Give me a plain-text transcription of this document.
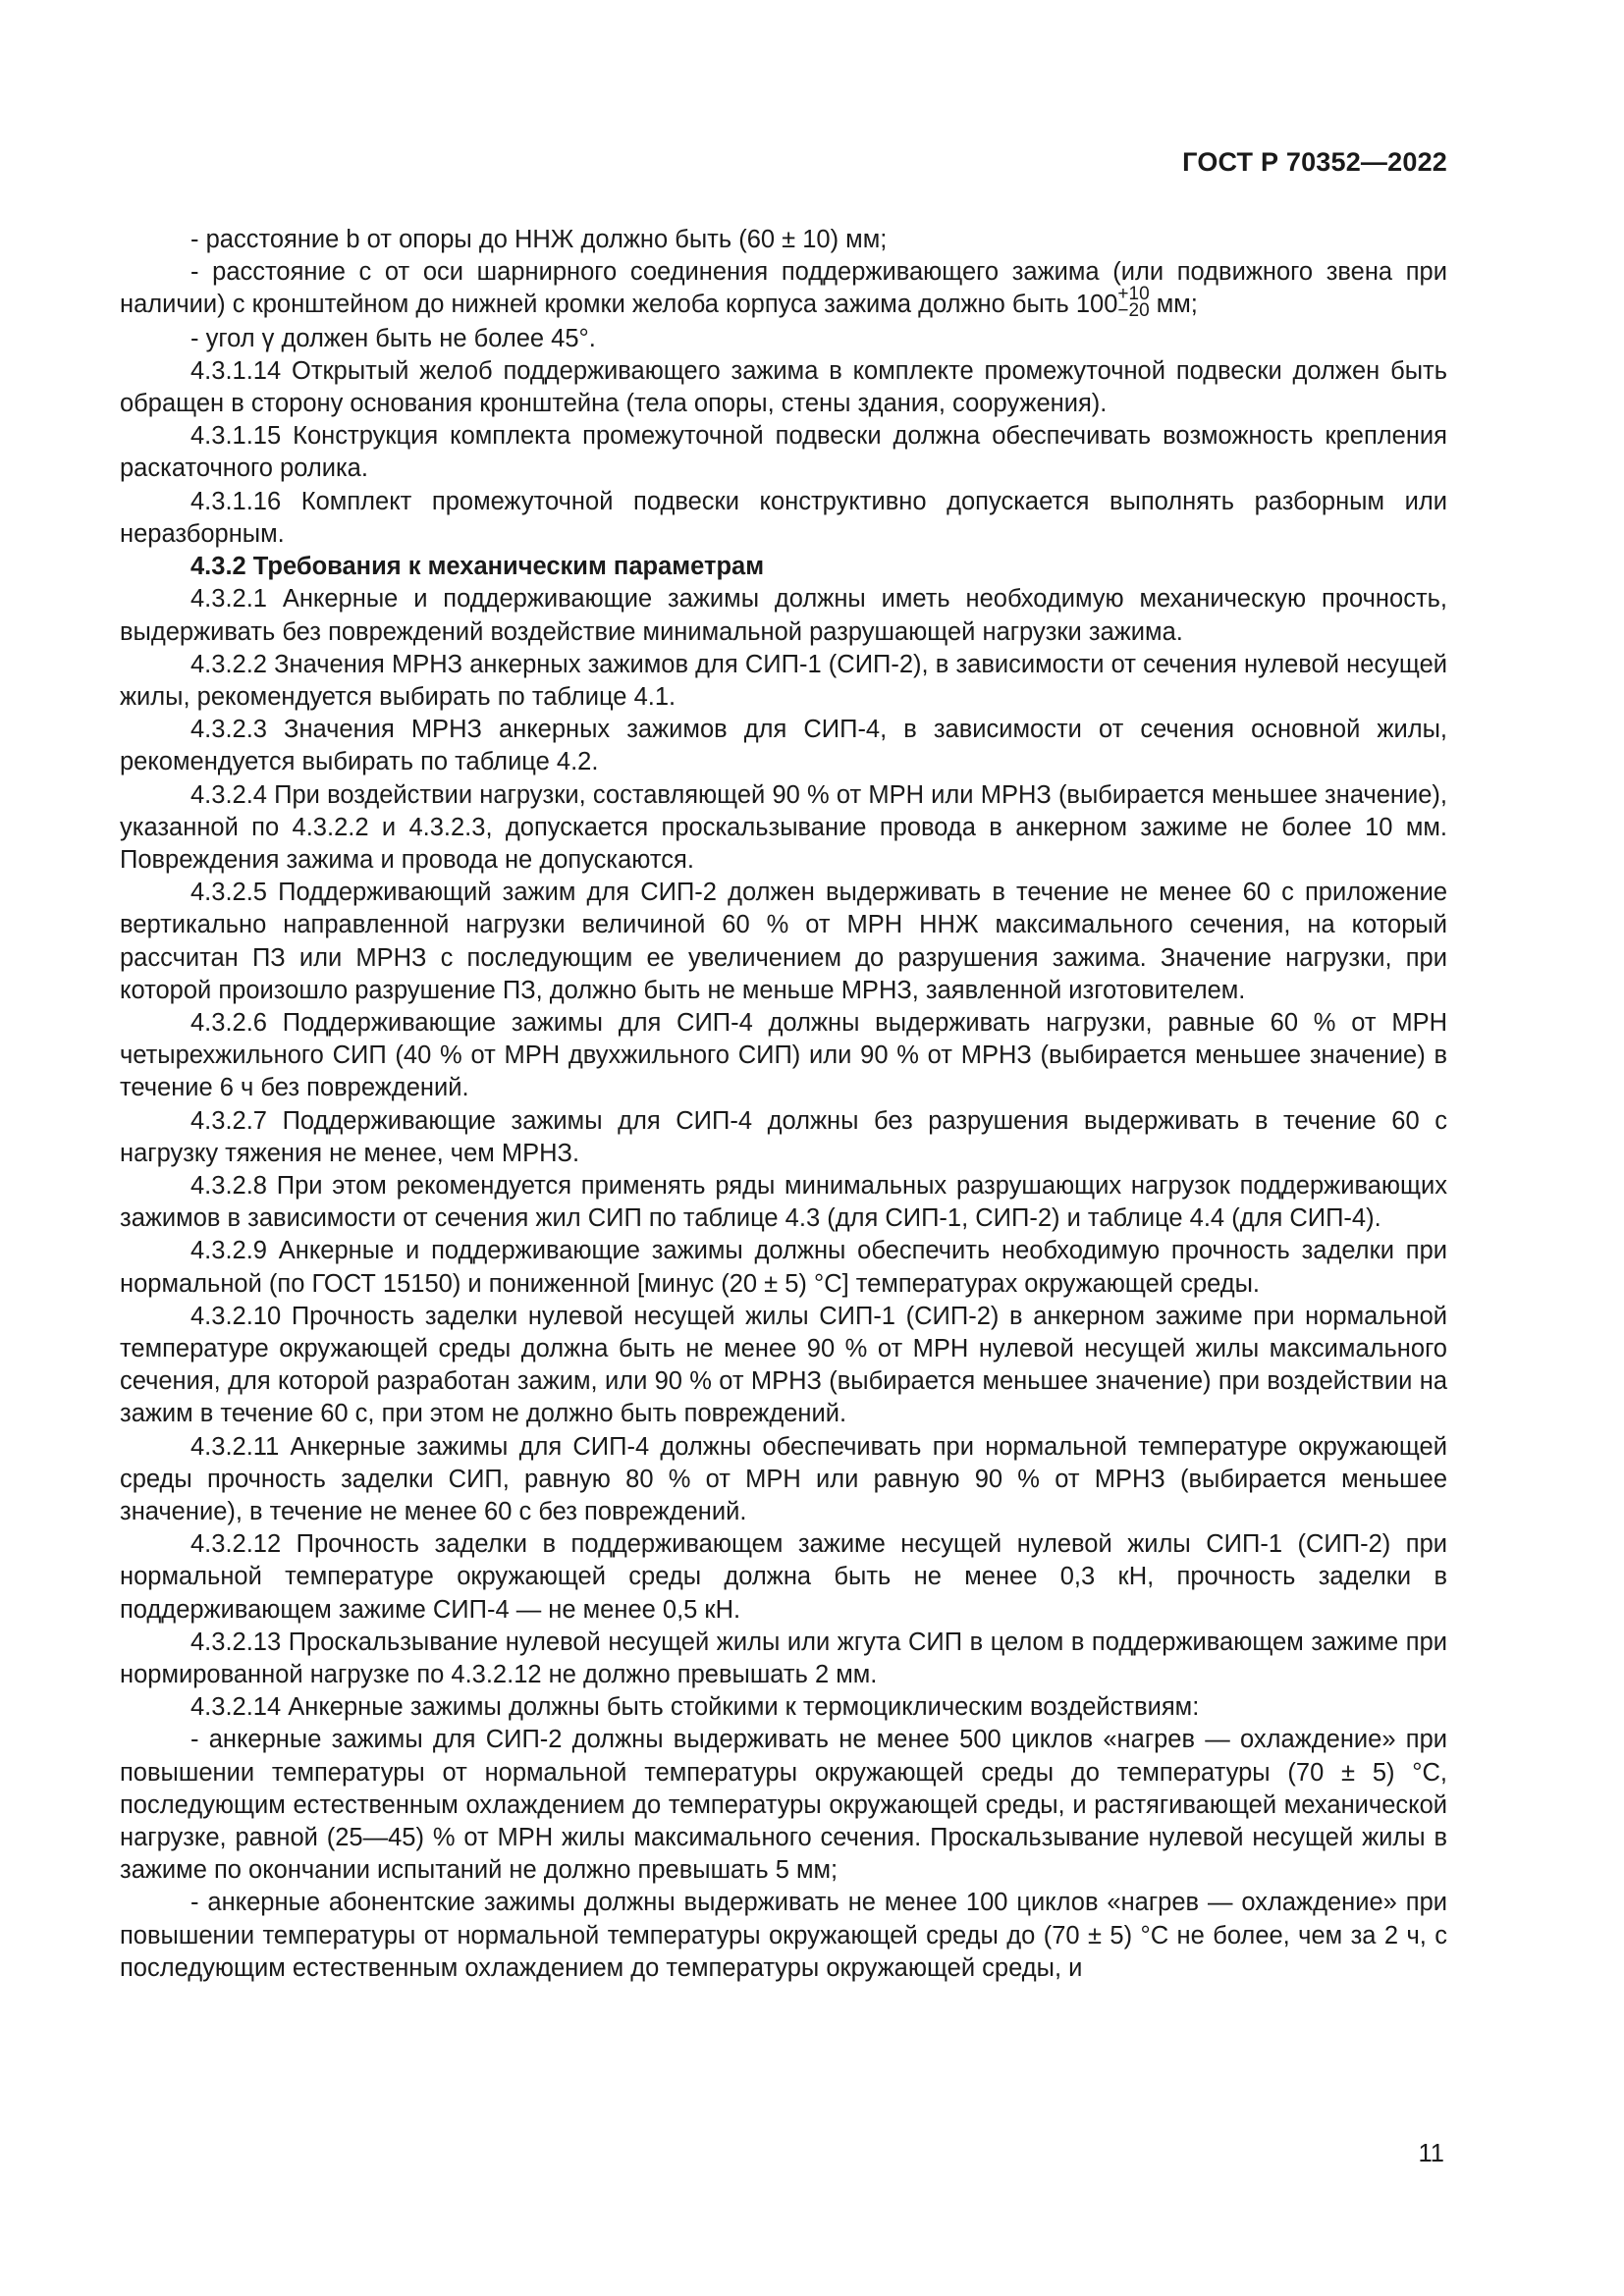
ГОСТ Р 70352—2022

- расстояние b от опоры до ННЖ должно быть (60 ± 10) мм;

- расстояние c от оси шарнирного соединения поддерживающего зажима (или подвижного звена при наличии) с кронштейном до нижней кромки желоба корпуса зажима должно быть 100 +10
−20 мм;

- угол γ должен быть не более 45°.

4.3.1.14 Открытый желоб поддерживающего зажима в комплекте промежуточной подвески должен быть обращен в сторону основания кронштейна (тела опоры, стены здания, сооружения).

4.3.1.15 Конструкция комплекта промежуточной подвески должна обеспечивать возможность крепления раскаточного ролика.

4.3.1.16 Комплект промежуточной подвески конструктивно допускается выполнять разборным или неразборным.

4.3.2 Требования к механическим параметрам

4.3.2.1 Анкерные и поддерживающие зажимы должны иметь необходимую механическую прочность, выдерживать без повреждений воздействие минимальной разрушающей нагрузки зажима.

4.3.2.2 Значения МРНЗ анкерных зажимов для СИП-1 (СИП-2), в зависимости от сечения нулевой несущей жилы, рекомендуется выбирать по таблице 4.1.

4.3.2.3 Значения МРНЗ анкерных зажимов для СИП-4, в зависимости от сечения основной жилы, рекомендуется выбирать по таблице 4.2.

4.3.2.4 При воздействии нагрузки, составляющей 90 % от МРН или МРНЗ (выбирается меньшее значение), указанной по 4.3.2.2 и 4.3.2.3, допускается проскальзывание провода в анкерном зажиме не более 10 мм. Повреждения зажима и провода не допускаются.

4.3.2.5 Поддерживающий зажим для СИП-2 должен выдерживать в течение не менее 60 с приложение вертикально направленной нагрузки величиной 60 % от МРН ННЖ максимального сечения, на который рассчитан ПЗ или МРНЗ с последующим ее увеличением до разрушения зажима. Значение нагрузки, при которой произошло разрушение ПЗ, должно быть не меньше МРНЗ, заявленной изготовителем.

4.3.2.6 Поддерживающие зажимы для СИП-4 должны выдерживать нагрузки, равные 60 % от МРН четырехжильного СИП (40 % от МРН двухжильного СИП) или 90 % от МРНЗ (выбирается меньшее значение) в течение 6 ч без повреждений.

4.3.2.7 Поддерживающие зажимы для СИП-4 должны без разрушения выдерживать в течение 60 с нагрузку тяжения не менее, чем МРНЗ.

4.3.2.8 При этом рекомендуется применять ряды минимальных разрушающих нагрузок поддерживающих зажимов в зависимости от сечения жил СИП по таблице 4.3 (для СИП-1, СИП-2) и таблице 4.4 (для СИП-4).

4.3.2.9 Анкерные и поддерживающие зажимы должны обеспечить необходимую прочность заделки при нормальной (по ГОСТ 15150) и пониженной [минус (20 ± 5) °С] температурах окружающей среды.

4.3.2.10 Прочность заделки нулевой несущей жилы СИП-1 (СИП-2) в анкерном зажиме при нормальной температуре окружающей среды должна быть не менее 90 % от МРН нулевой несущей жилы максимального сечения, для которой разработан зажим, или 90 % от МРНЗ (выбирается меньшее значение) при воздействии на зажим в течение 60 с, при этом не должно быть повреждений.

4.3.2.11 Анкерные зажимы для СИП-4 должны обеспечивать при нормальной температуре окружающей среды прочность заделки СИП, равную 80 % от МРН или равную 90 % от МРНЗ (выбирается меньшее значение), в течение не менее 60 с без повреждений.

4.3.2.12 Прочность заделки в поддерживающем зажиме несущей нулевой жилы СИП-1 (СИП-2) при нормальной температуре окружающей среды должна быть не менее 0,3 кН, прочность заделки в поддерживающем зажиме СИП-4 — не менее 0,5 кН.

4.3.2.13 Проскальзывание нулевой несущей жилы или жгута СИП в целом в поддерживающем зажиме при нормированной нагрузке по 4.3.2.12 не должно превышать 2 мм.

4.3.2.14 Анкерные зажимы должны быть стойкими к термоциклическим воздействиям:

- анкерные зажимы для СИП-2 должны выдерживать не менее 500 циклов «нагрев — охлаждение» при повышении температуры от нормальной температуры окружающей среды до температуры (70 ± 5) °С, последующим естественным охлаждением до температуры окружающей среды, и растягивающей механической нагрузке, равной (25—45) % от МРН жилы максимального сечения. Проскальзывание нулевой несущей жилы в зажиме по окончании испытаний не должно превышать 5 мм;

- анкерные абонентские зажимы должны выдерживать не менее 100 циклов «нагрев — охлаждение» при повышении температуры от нормальной температуры окружающей среды до (70 ± 5) °С не более, чем за 2 ч, с последующим естественным охлаждением до температуры окружающей среды, и

11
